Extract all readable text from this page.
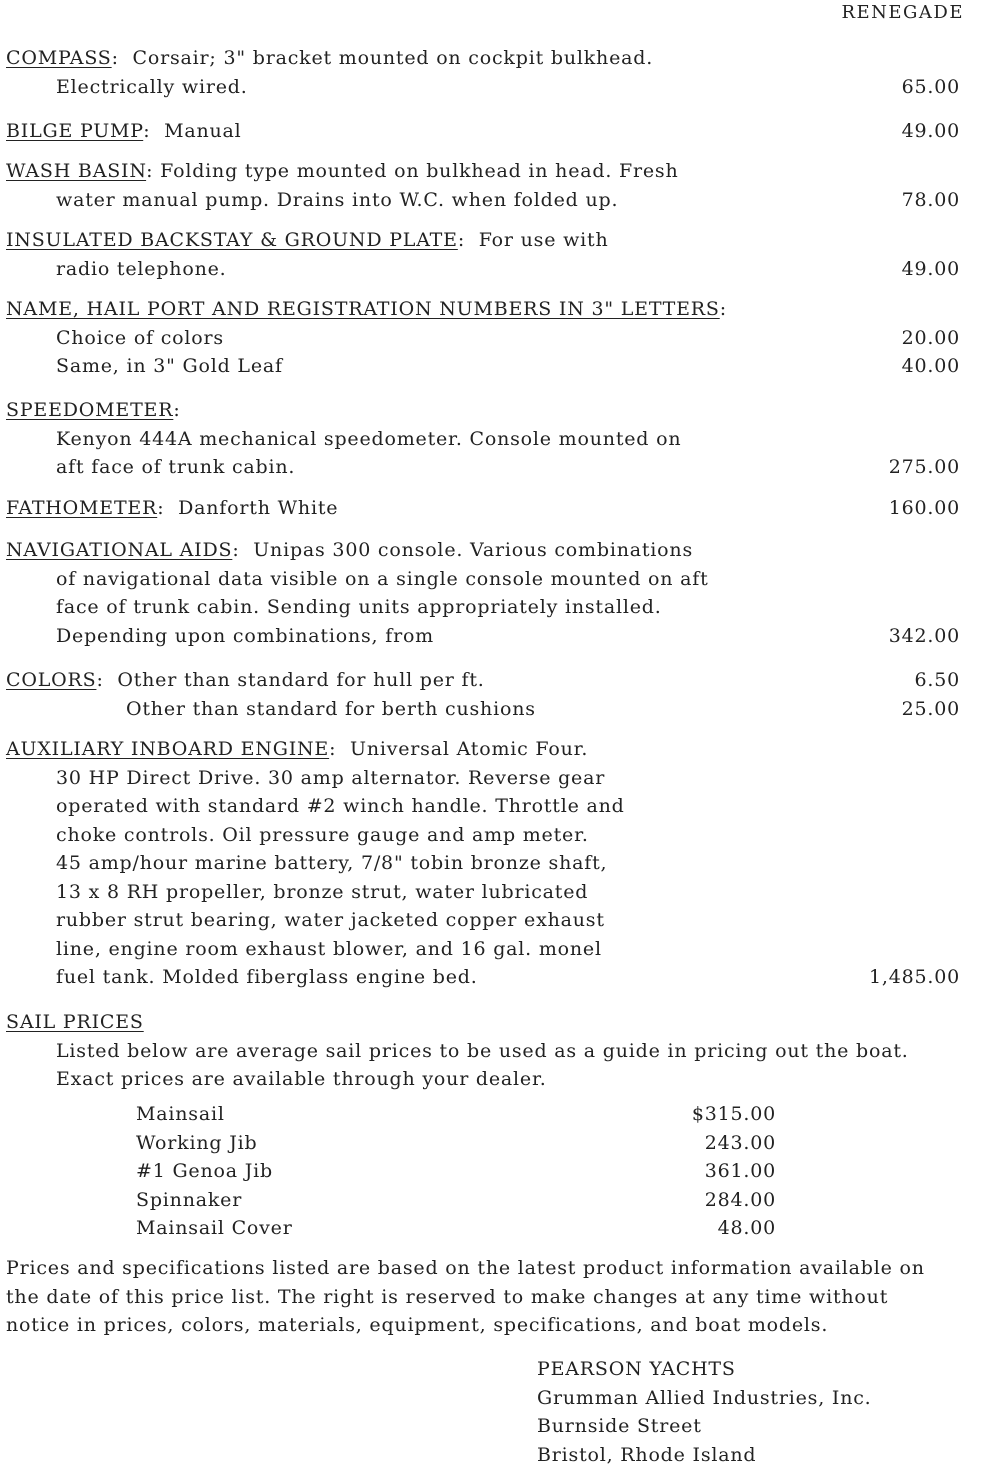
RENEGADE
COMPASS:  Corsair; 3" bracket mounted on cockpit bulkhead.
Electrically wired.	65.00
BILGE PUMP:  Manual	49.00
WASH BASIN: Folding type mounted on bulkhead in head. Fresh
water manual pump. Drains into W.C. when folded up.	78.00
INSULATED BACKSTAY & GROUND PLATE:  For use with
radio telephone.	49.00
NAME, HAIL PORT AND REGISTRATION NUMBERS IN 3" LETTERS:
Choice of colors	20.00
Same, in 3" Gold Leaf	40.00
SPEEDOMETER:
Kenyon 444A mechanical speedometer. Console mounted on
aft face of trunk cabin.	275.00
FATHOMETER:  Danforth White	160.00
NAVIGATIONAL AIDS:  Unipas 300 console. Various combinations
of navigational data visible on a single console mounted on aft
face of trunk cabin. Sending units appropriately installed.
Depending upon combinations, from	342.00
COLORS:  Other than standard for hull per ft.	6.50
Other than standard for berth cushions	25.00
AUXILIARY INBOARD ENGINE:  Universal Atomic Four.
30 HP Direct Drive. 30 amp alternator. Reverse gear
operated with standard #2 winch handle. Throttle and
choke controls. Oil pressure gauge and amp meter.
45 amp/hour marine battery, 7/8" tobin bronze shaft,
13 x 8 RH propeller, bronze strut, water lubricated
rubber strut bearing, water jacketed copper exhaust
line, engine room exhaust blower, and 16 gal. monel
fuel tank. Molded fiberglass engine bed.	1,485.00
SAIL PRICES
Listed below are average sail prices to be used as a guide in pricing out the boat.
Exact prices are available through your dealer.
Mainsail	$315.00
Working Jib	243.00
#1 Genoa Jib	361.00
Spinnaker	284.00
Mainsail Cover	48.00
Prices and specifications listed are based on the latest product information available on
the date of this price list. The right is reserved to make changes at any time without
notice in prices, colors, materials, equipment, specifications, and boat models.
PEARSON YACHTS
Grumman Allied Industries, Inc.
Burnside Street
Bristol, Rhode Island
